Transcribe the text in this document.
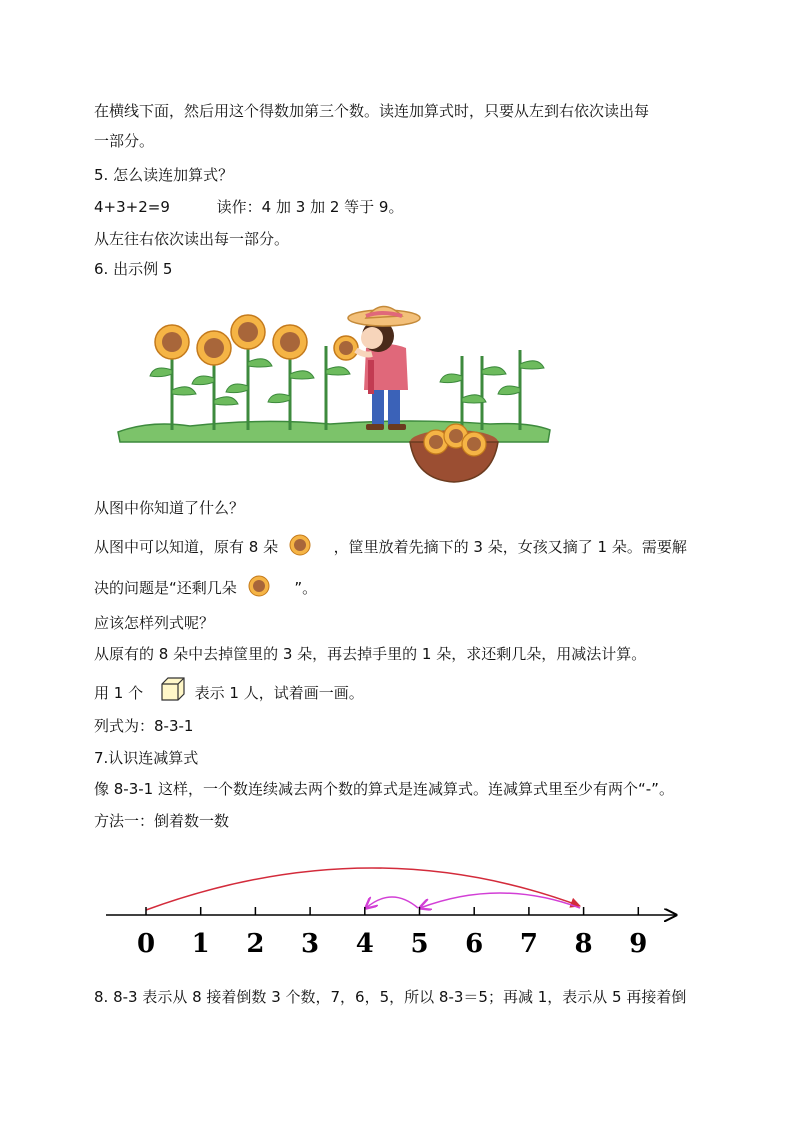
在横线下面，然后用这个得数加第三个数。读连加算式时，只要从左到右依次读出每
一部分。
5. 怎么读连加算式？
4+3+2=9	读作：4 加 3 加 2 等于 9。
从左往右依次读出每一部分。
6. 出示例 5
从图中你知道了什么？
从图中可以知道，原有 8 朵	，筐里放着先摘下的 3 朵，女孩又摘了 1 朵。需要解
决的问题是“还剩几朵	”。
应该怎样列式呢？
从原有的 8 朵中去掉筐里的 3 朵，再去掉手里的 1 朵，求还剩几朵，用减法计算。
用 1 个	表示 1 人，试着画一画。
列式为：8-3-1
7.认识连减算式
像 8-3-1 这样，一个数连续减去两个数的算式是连减算式。连减算式里至少有两个“-”。
方法一：倒着数一数
0 1 2 3 4 5 6 7 8 9
8. 8-3 表示从 8 接着倒数 3 个数，7，6，5，所以 8-3＝5；再减 1，表示从 5 再接着倒
